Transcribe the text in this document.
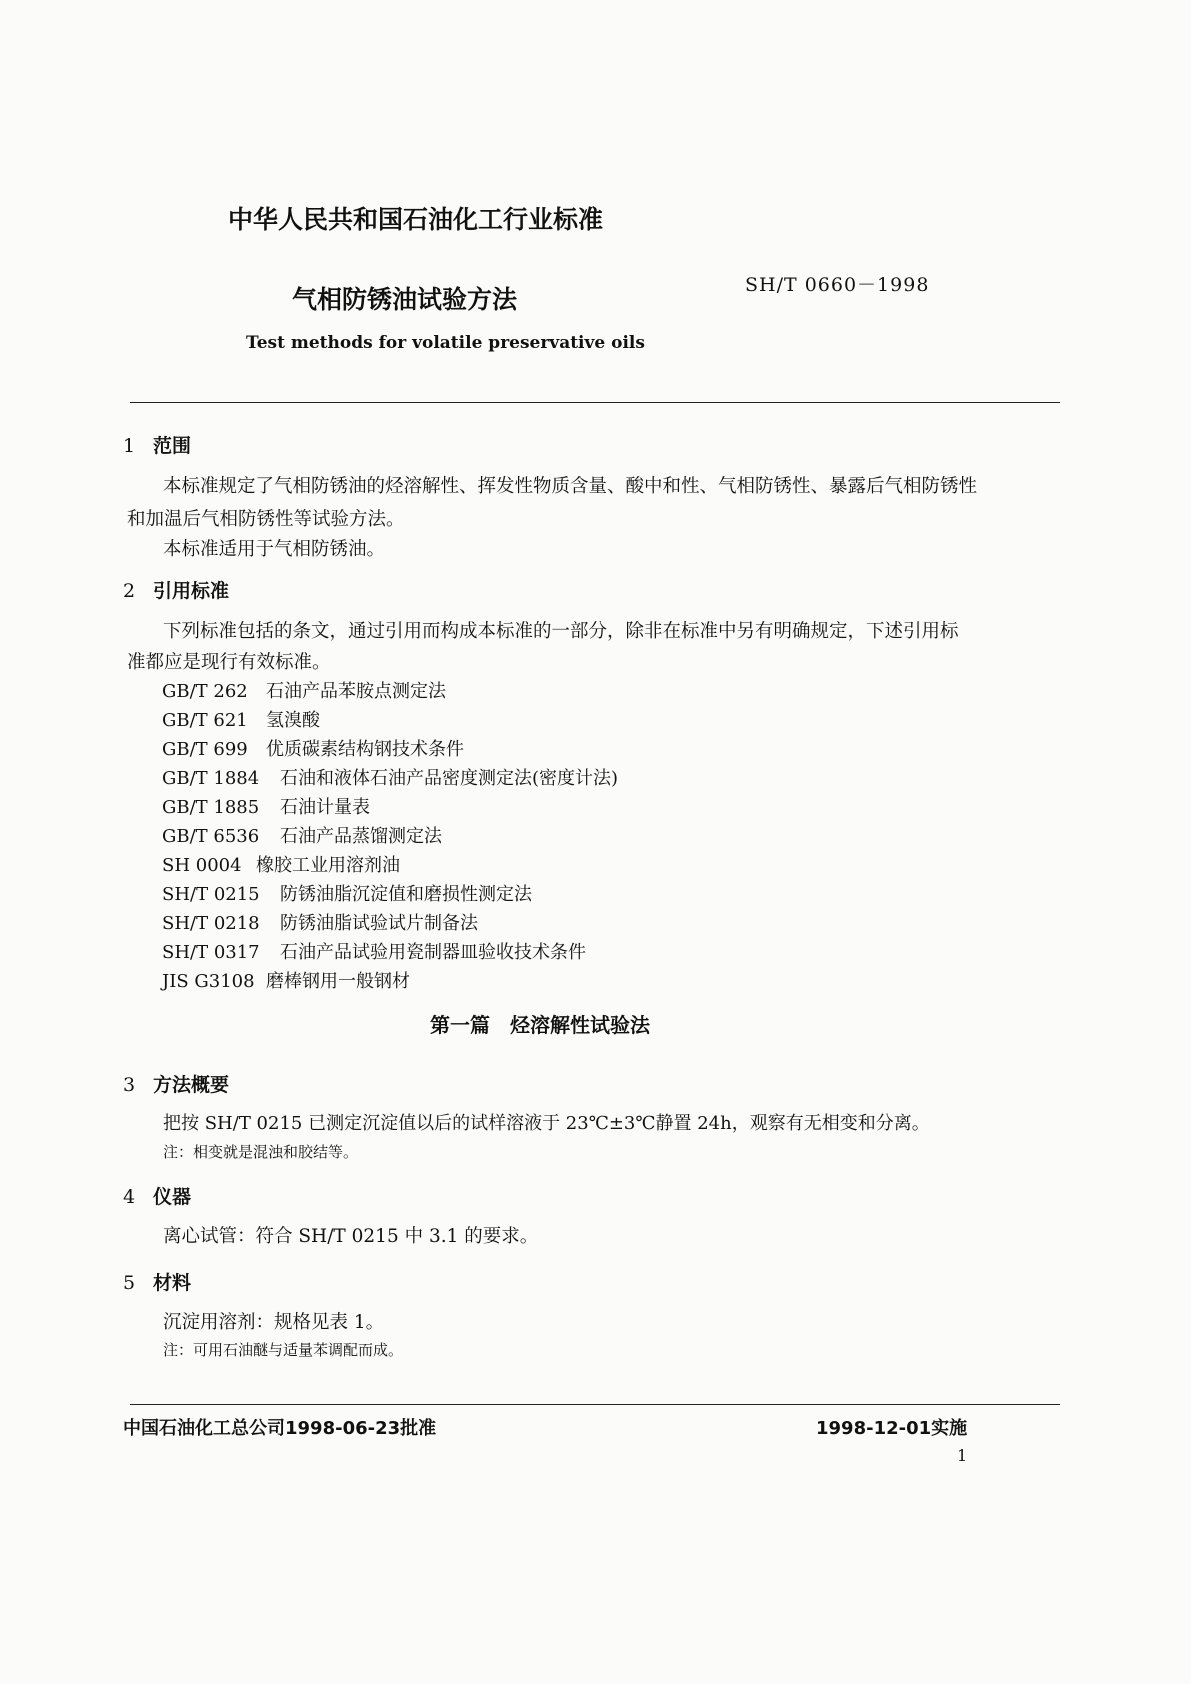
中华人民共和国石油化工行业标准
气相防锈油试验方法	SH/T 0660－1998
Test methods for volatile preservative oils
1 范围
本标准规定了气相防锈油的烃溶解性、挥发性物质含量、酸中和性、气相防锈性、暴露后气相防锈性
和加温后气相防锈性等试验方法。
本标准适用于气相防锈油。
2 引用标准
下列标准包括的条文，通过引用而构成本标准的一部分，除非在标准中另有明确规定，下述引用标
准都应是现行有效标准。
GB/T 262 石油产品苯胺点测定法
GB/T 621 氢溴酸
GB/T 699 优质碳素结构钢技术条件
GB/T 1884 石油和液体石油产品密度测定法(密度计法)
GB/T 1885 石油计量表
GB/T 6536 石油产品蒸馏测定法
SH 0004 橡胶工业用溶剂油
SH/T 0215 防锈油脂沉淀值和磨损性测定法
SH/T 0218 防锈油脂试验试片制备法
SH/T 0317 石油产品试验用瓷制器皿验收技术条件
JIS G3108 磨棒钢用一般钢材
第一篇　烃溶解性试验法
3 方法概要
把按 SH/T 0215 已测定沉淀值以后的试样溶液于 23℃±3℃静置 24h，观察有无相变和分离。
注：相变就是混浊和胶结等。
4 仪器
离心试管：符合 SH/T 0215 中 3.1 的要求。
5 材料
沉淀用溶剂：规格见表 1。
注：可用石油醚与适量苯调配而成。
中国石油化工总公司1998-06-23批准	1998-12-01实施
1
